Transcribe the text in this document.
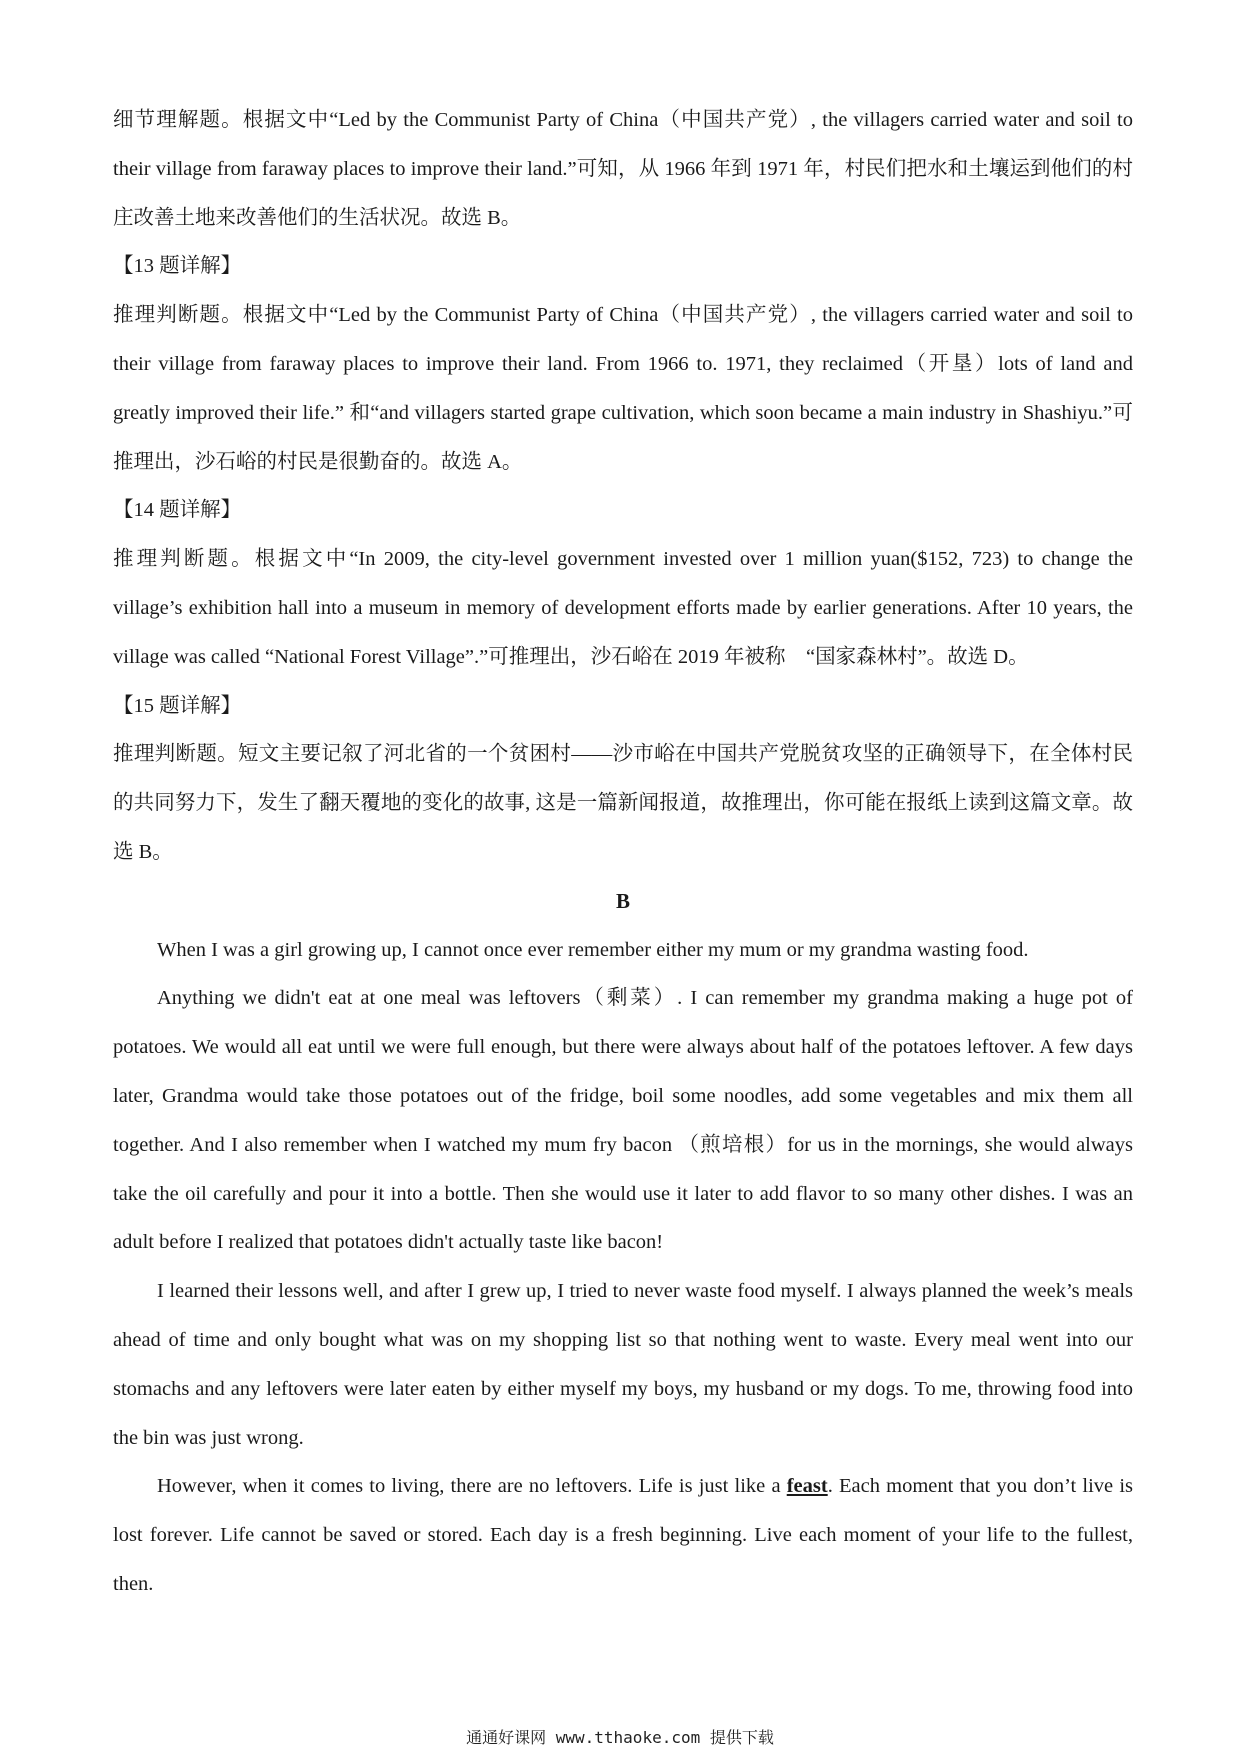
细节理解题。根据文中“Led by the Communist Party of China（中国共产党）, the villagers carried water and soil to their village from faraway places to improve their land.”可知，从 1966 年到 1971 年，村民们把水和土壤运到他们的村庄改善土地来改善他们的生活状况。故选 B。

【13 题详解】

推理判断题。根据文中“Led by the Communist Party of China（中国共产党）, the villagers carried water and soil to their village from faraway places to improve their land. From 1966 to. 1971, they reclaimed（开垦）lots of land and greatly improved their life.” 和“and villagers started grape cultivation, which soon became a main industry in Shashiyu.”可推理出，沙石峪的村民是很勤奋的。故选 A。

【14 题详解】

推理判断题。根据文中“In 2009, the city-level government invested over 1 million yuan($152, 723) to change the village’s exhibition hall into a museum in memory of development efforts made by earlier generations. After 10 years, the village was called “National Forest Village”.”可推理出，沙石峪在 2019 年被称　“国家森林村”。故选 D。

【15 题详解】

推理判断题。短文主要记叙了河北省的一个贫困村——沙市峪在中国共产党脱贫攻坚的正确领导下，在全体村民的共同努力下，发生了翻天覆地的变化的故事, 这是一篇新闻报道，故推理出，你可能在报纸上读到这篇文章。故选 B。

B

When I was a girl growing up, I cannot once ever remember either my mum or my grandma wasting food.

Anything we didn't eat at one meal was leftovers（剩菜）. I can remember my grandma making a huge pot of potatoes. We would all eat until we were full enough, but there were always about half of the potatoes leftover. A few days later, Grandma would take those potatoes out of the fridge, boil some noodles, add some vegetables and mix them all together. And I also remember when I watched my mum fry bacon （煎培根）for us in the mornings, she would always take the oil carefully and pour it into a bottle. Then she would use it later to add flavor to so many other dishes. I was an adult before I realized that potatoes didn't actually taste like bacon!

I learned their lessons well, and after I grew up, I tried to never waste food myself. I always planned the week’s meals ahead of time and only bought what was on my shopping list so that nothing went to waste. Every meal went into our stomachs and any leftovers were later eaten by either myself my boys, my husband or my dogs. To me, throwing food into the bin was just wrong.

However, when it comes to living, there are no leftovers. Life is just like a feast. Each moment that you don’t live is lost forever. Life cannot be saved or stored. Each day is a fresh beginning. Live each moment of your life to the fullest, then.

通通好课网 www.tthaoke.com 提供下载
